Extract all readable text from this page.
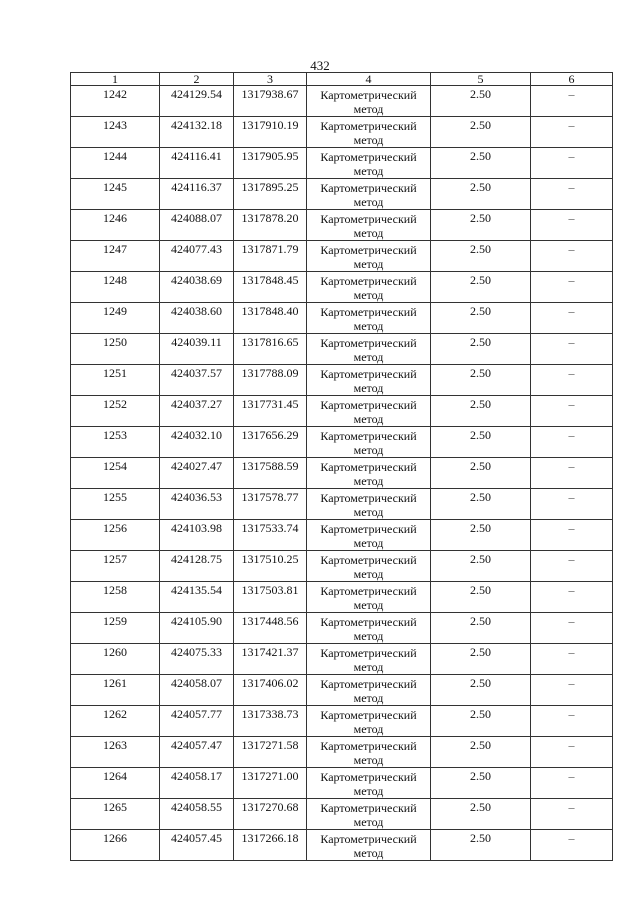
432
1	2	3	4	5	6

1242	424129.54	1317938.67	Картометрический метод	2.50	–

1243	424132.18	1317910.19	Картометрический метод	2.50	–

1244	424116.41	1317905.95	Картометрический метод	2.50	–

1245	424116.37	1317895.25	Картометрический метод	2.50	–

1246	424088.07	1317878.20	Картометрический метод	2.50	–

1247	424077.43	1317871.79	Картометрический метод	2.50	–

1248	424038.69	1317848.45	Картометрический метод	2.50	–

1249	424038.60	1317848.40	Картометрический метод	2.50	–

1250	424039.11	1317816.65	Картометрический метод	2.50	–

1251	424037.57	1317788.09	Картометрический метод	2.50	–

1252	424037.27	1317731.45	Картометрический метод	2.50	–

1253	424032.10	1317656.29	Картометрический метод	2.50	–

1254	424027.47	1317588.59	Картометрический метод	2.50	–

1255	424036.53	1317578.77	Картометрический метод	2.50	–

1256	424103.98	1317533.74	Картометрический метод	2.50	–

1257	424128.75	1317510.25	Картометрический метод	2.50	–

1258	424135.54	1317503.81	Картометрический метод	2.50	–

1259	424105.90	1317448.56	Картометрический метод	2.50	–

1260	424075.33	1317421.37	Картометрический метод	2.50	–

1261	424058.07	1317406.02	Картометрический метод	2.50	–

1262	424057.77	1317338.73	Картометрический метод	2.50	–

1263	424057.47	1317271.58	Картометрический метод	2.50	–

1264	424058.17	1317271.00	Картометрический метод	2.50	–

1265	424058.55	1317270.68	Картометрический метод	2.50	–

1266	424057.45	1317266.18	Картометрический метод	2.50	–
